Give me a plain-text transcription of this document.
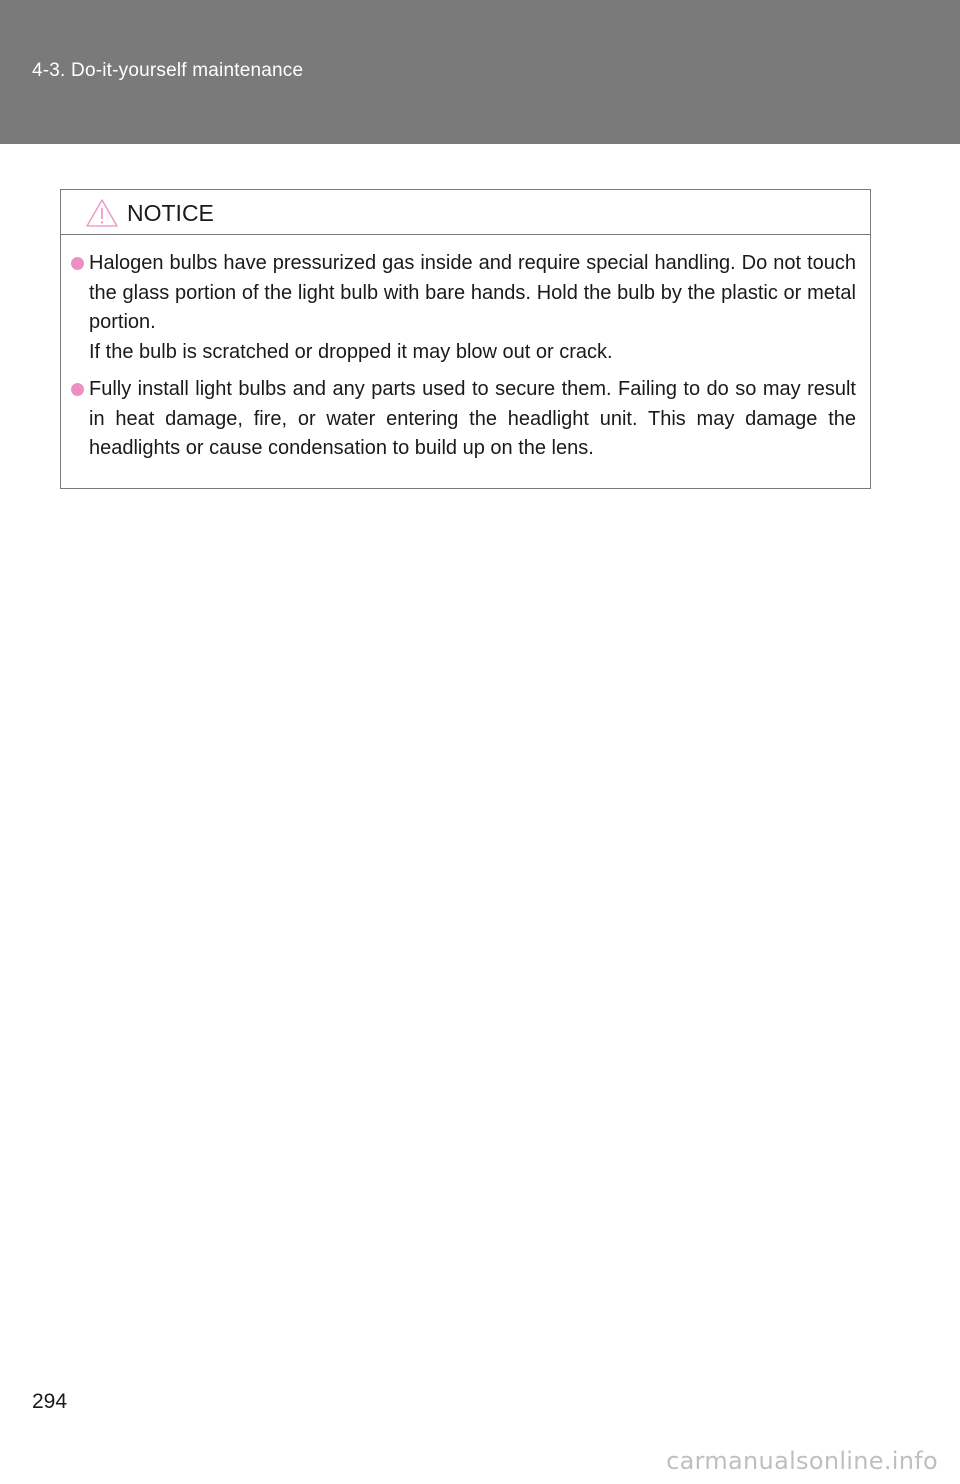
4-3. Do-it-yourself maintenance
NOTICE

Halogen bulbs have pressurized gas inside and require special handling. Do not touch the glass portion of the light bulb with bare hands. Hold the bulb by the plastic or metal portion.

If the bulb is scratched or dropped it may blow out or crack.

Fully install light bulbs and any parts used to secure them. Failing to do so may result in heat damage, fire, or water entering the headlight unit. This may damage the headlights or cause condensation to build up on the lens.

294
carmanualsonline.info
